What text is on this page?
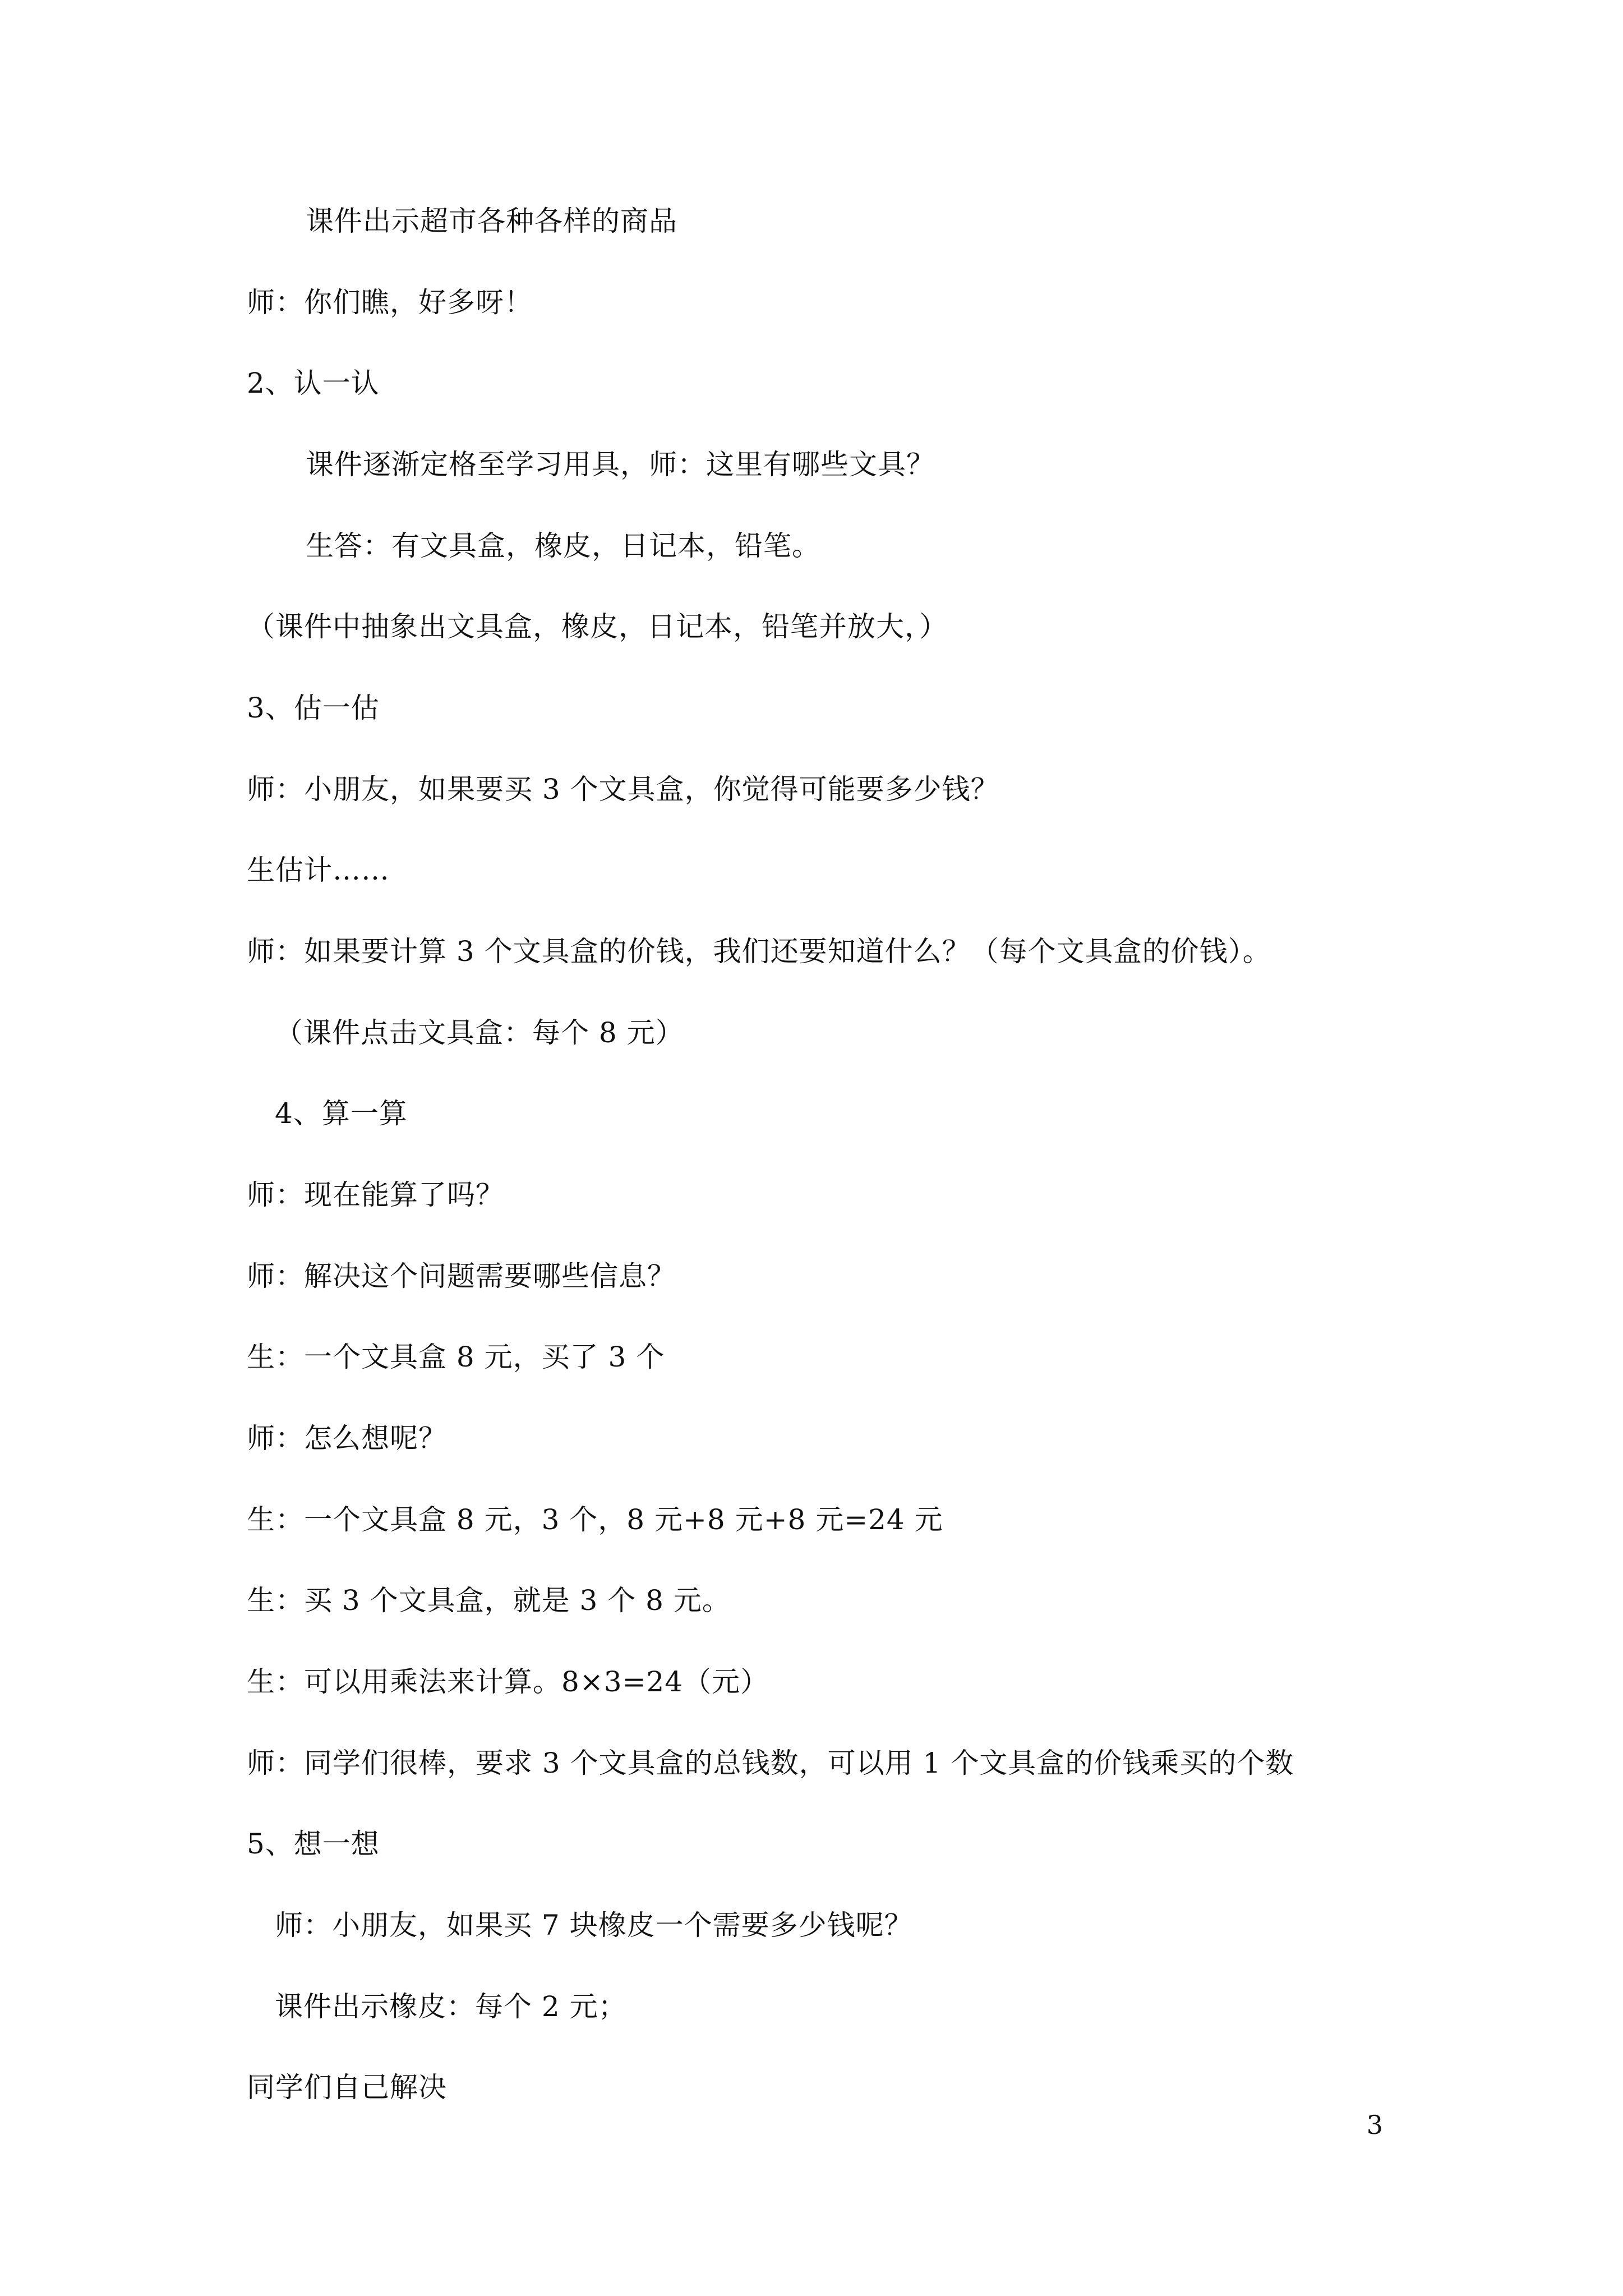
课件出示超市各种各样的商品
师：你们瞧，好多呀！
2、认一认
课件逐渐定格至学习用具，师：这里有哪些文具？
生答：有文具盒，橡皮，日记本，铅笔。
（课件中抽象出文具盒，橡皮，日记本，铅笔并放大，）
3、估一估
师：小朋友，如果要买 3 个文具盒，你觉得可能要多少钱？
生估计……
师：如果要计算 3 个文具盒的价钱，我们还要知道什么？（每个文具盒的价钱）。
（课件点击文具盒：每个 8 元）
4、算一算
师：现在能算了吗？
师：解决这个问题需要哪些信息？
生：一个文具盒 8 元，买了 3 个
师：怎么想呢？
生：一个文具盒 8 元，3 个，8 元+8 元+8 元=24 元
生：买 3 个文具盒，就是 3 个 8 元。
生：可以用乘法来计算。8×3=24（元）
师：同学们很棒，要求 3 个文具盒的总钱数，可以用 1 个文具盒的价钱乘买的个数
5、想一想
师：小朋友，如果买 7 块橡皮一个需要多少钱呢？
课件出示橡皮：每个 2 元；
同学们自己解决
3
